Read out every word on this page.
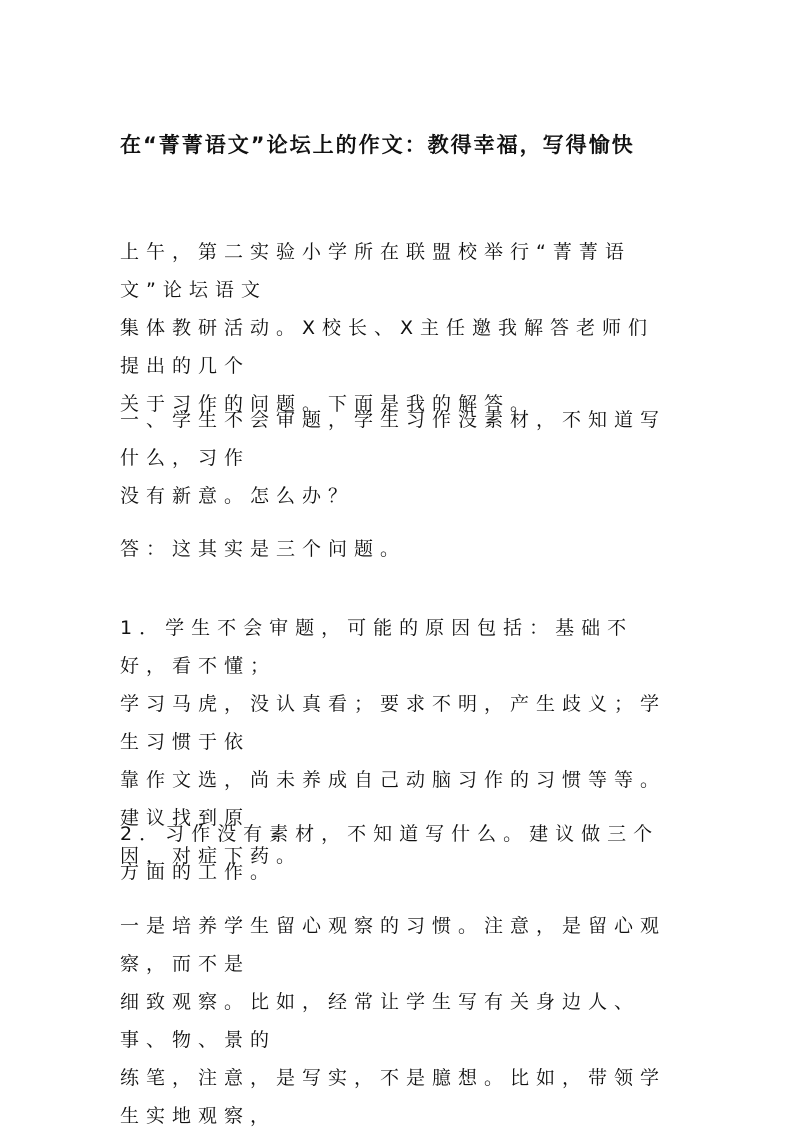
在“菁菁语文”论坛上的作文：教得幸福，写得愉快
上午，第二实验小学所在联盟校举行“菁菁语文”论坛语文
集体教研活动。X校长、X主任邀我解答老师们提出的几个
关于习作的问题。下面是我的解答。
一、学生不会审题，学生习作没素材，不知道写什么，习作
没有新意。怎么办？
答：这其实是三个问题。
1．学生不会审题，可能的原因包括：基础不好，看不懂；
学习马虎，没认真看；要求不明，产生歧义；学生习惯于依
靠作文选，尚未养成自己动脑习作的习惯等等。建议找到原
因，对症下药。
2．习作没有素材，不知道写什么。建议做三个方面的工作。
一是培养学生留心观察的习惯。注意，是留心观察，而不是
细致观察。比如，经常让学生写有关身边人、事、物、景的
练笔，注意，是写实，不是臆想。比如，带领学生实地观察，
